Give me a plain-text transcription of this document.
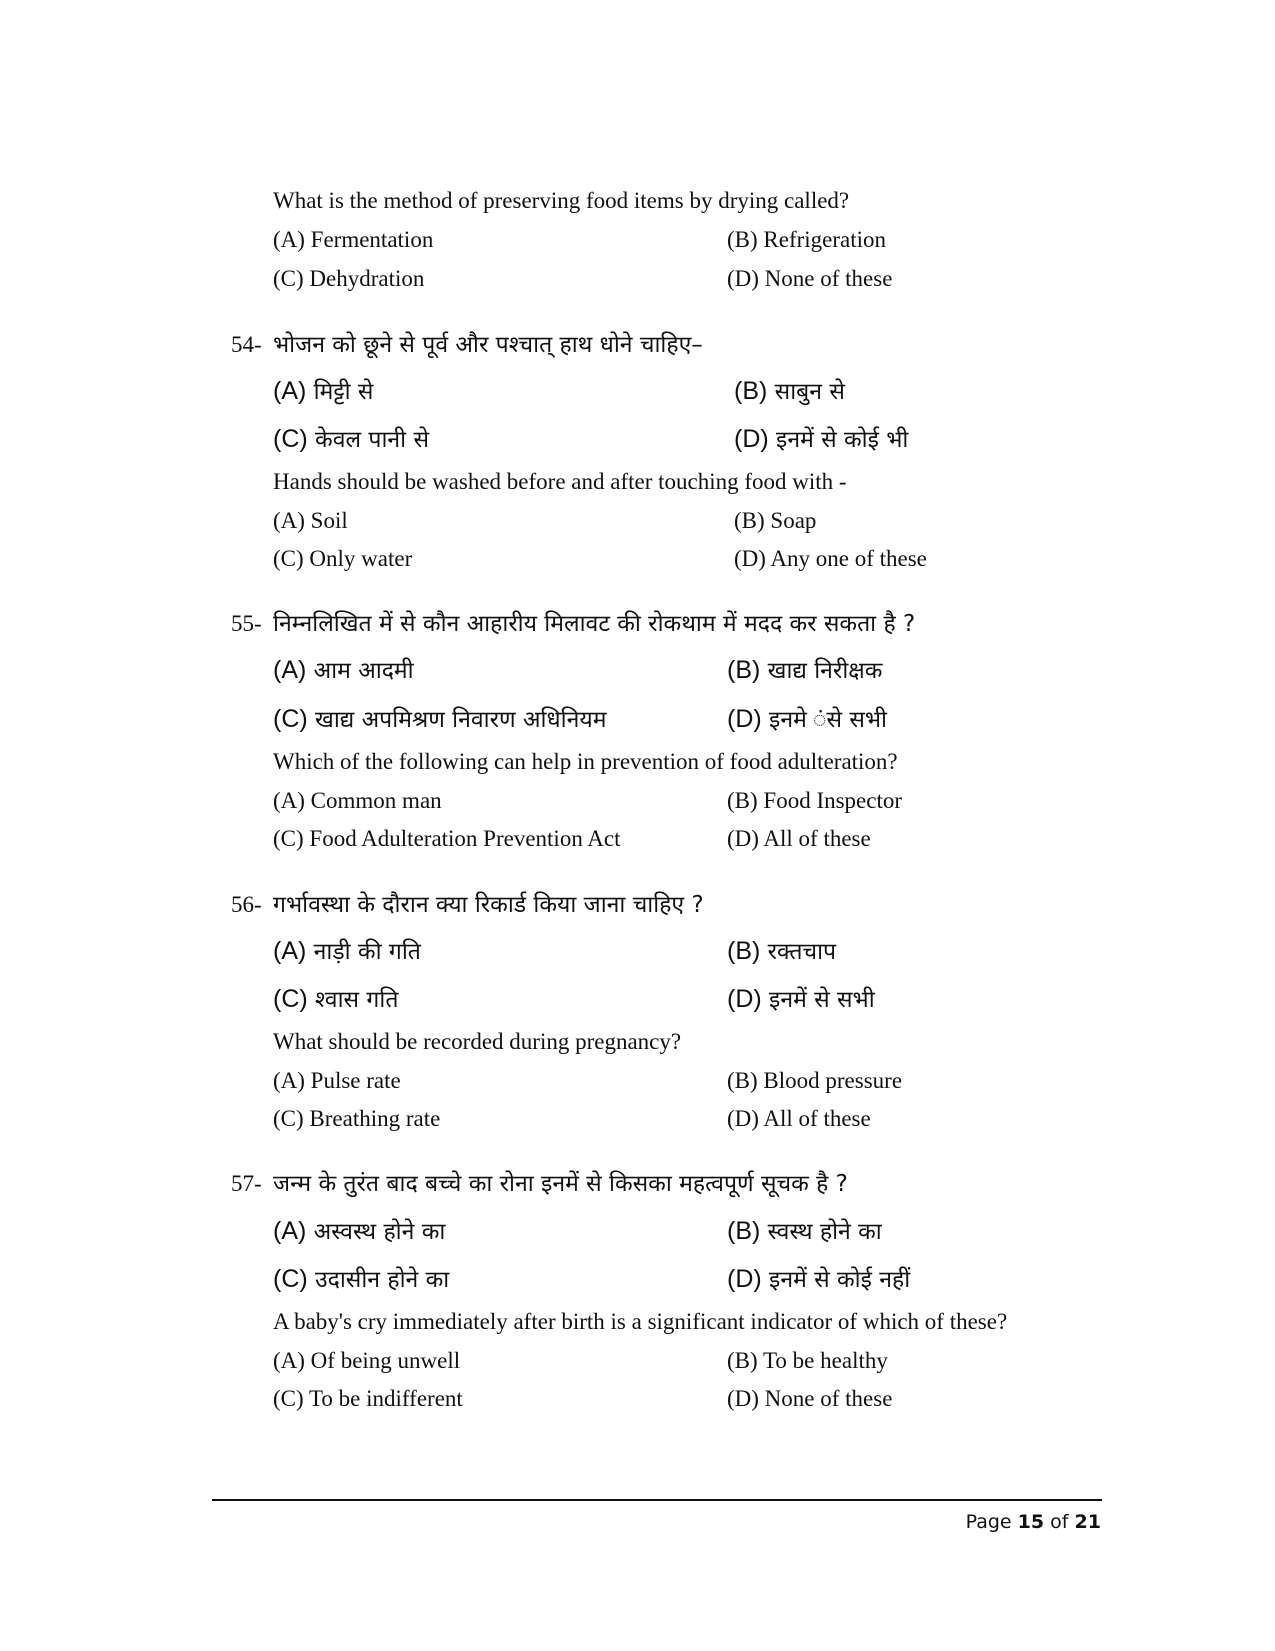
What is the method of preserving food items by drying called?
(A) Fermentation	(B) Refrigeration
(C) Dehydration	(D) None of these
54- भोजन को छूने से पूर्व और पश्चात् हाथ धोने चाहिए–
(A) मिट्टी से	(B) साबुन से
(C) केवल पानी से	(D) इनमें से कोई भी
Hands should be washed before and after touching food with -
(A) Soil	(B) Soap
(C) Only water	(D) Any one of these
55- निम्नलिखित में से कौन आहारीय मिलावट की रोकथाम में मदद कर सकता है ?
(A) आम आदमी	(B) खाद्य निरीक्षक
(C) खाद्य अपमिश्रण निवारण अधिनियम	(D) इनमे ंसे सभी
Which of the following can help in prevention of food adulteration?
(A) Common man	(B) Food Inspector
(C) Food Adulteration Prevention Act	(D) All of these
56- गर्भावस्था के दौरान क्या रिकार्ड किया जाना चाहिए ?
(A) नाड़ी की गति	(B) रक्तचाप
(C) श्वास गति	(D) इनमें से सभी
What should be recorded during pregnancy?
(A) Pulse rate	(B) Blood pressure
(C) Breathing rate	(D) All of these
57- जन्म के तुरंत बाद बच्चे का रोना इनमें से किसका महत्वपूर्ण सूचक है ?
(A) अस्वस्थ होने का	(B) स्वस्थ होने का
(C) उदासीन होने का	(D) इनमें से कोई नहीं
A baby's cry immediately after birth is a significant indicator of which of these?
(A) Of being unwell	(B) To be healthy
(C) To be indifferent	(D) None of these
Page 15 of 21
